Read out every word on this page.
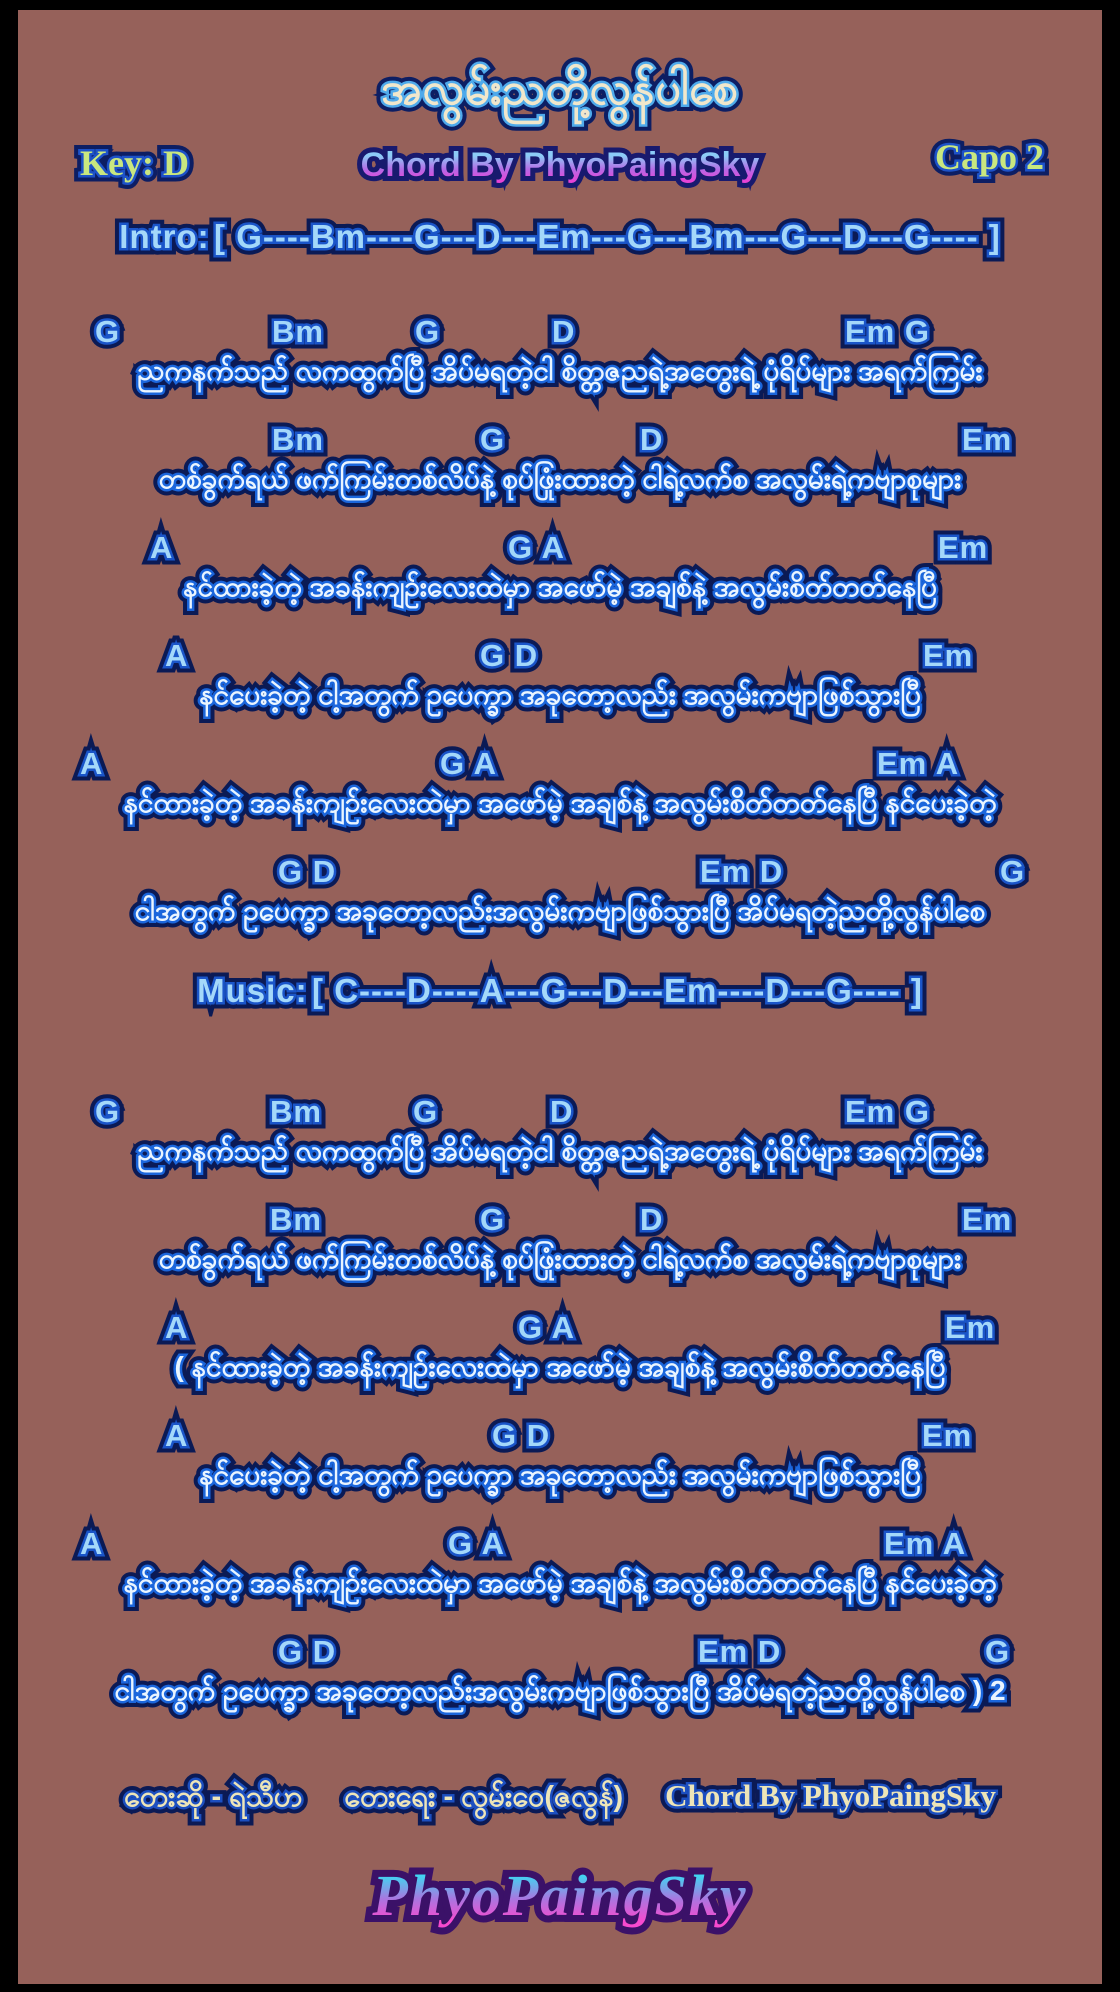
အလွမ်းညတို့လွန်ပါစေ အလွမ်းညတို့လွန်ပါစေ အလွမ်းညတို့လွန်ပါစေ
Key: D Key: D Key: D	Chord By PhyoPaingSky Chord By PhyoPaingSky	Capo 2 Capo 2 Capo 2
Intro: Intro: Intro: [ G----Bm----G---D---Em---G---Bm---G---D---G---- ] [ G----Bm----G---D---Em---G---Bm---G---D---G---- ] [ G----Bm----G---D---Em---G---Bm---G---D---G---- ]
G G G	Bm Bm Bm	G G G	D D D	Em G Em G Em G
ညကနက်သည် လကထွက်ပြီ အိပ်မရတဲ့ငါ စိတ္တဇညရဲ့အတွေးရဲ့ ပုံရိပ်များ အရက်ကြမ်း ညကနက်သည် လကထွက်ပြီ အိပ်မရတဲ့ငါ စိတ္တဇညရဲ့အတွေးရဲ့ ပုံရိပ်များ အရက်ကြမ်း ညကနက်သည် လကထွက်ပြီ အိပ်မရတဲ့ငါ စိတ္တဇညရဲ့အတွေးရဲ့ ပုံရိပ်များ အရက်ကြမ်း
Bm Bm Bm	G G G	D D D	Em Em Em
တစ်ခွက်ရယ် ဖက်ကြမ်းတစ်လိပ်နဲ့ စုပ်ဖြုံးထားတဲ့ ငါရဲ့လက်စ အလွမ်းရဲ့ကဗျာစုများ တစ်ခွက်ရယ် ဖက်ကြမ်းတစ်လိပ်နဲ့ စုပ်ဖြုံးထားတဲ့ ငါရဲ့လက်စ အလွမ်းရဲ့ကဗျာစုများ တစ်ခွက်ရယ် ဖက်ကြမ်းတစ်လိပ်နဲ့ စုပ်ဖြုံးထားတဲ့ ငါရဲ့လက်စ အလွမ်းရဲ့ကဗျာစုများ
A A A	G A G A G A	Em Em Em
နင်ထားခဲ့တဲ့ အခန်းကျဉ်းလေးထဲမှာ အဖော်မဲ့ အချစ်နဲ့ အလွမ်းစိတ်တတ်နေပြီ နင်ထားခဲ့တဲ့ အခန်းကျဉ်းလေးထဲမှာ အဖော်မဲ့ အချစ်နဲ့ အလွမ်းစိတ်တတ်နေပြီ နင်ထားခဲ့တဲ့ အခန်းကျဉ်းလေးထဲမှာ အဖော်မဲ့ အချစ်နဲ့ အလွမ်းစိတ်တတ်နေပြီ
A A A	G D G D G D	Em Em Em
နင်ပေးခဲ့တဲ့ ငါ့အတွက် ဥပေက္ခာ အခုတော့လည်း အလွမ်းကဗျာဖြစ်သွားပြီ နင်ပေးခဲ့တဲ့ ငါ့အတွက် ဥပေက္ခာ အခုတော့လည်း အလွမ်းကဗျာဖြစ်သွားပြီ နင်ပေးခဲ့တဲ့ ငါ့အတွက် ဥပေက္ခာ အခုတော့လည်း အလွမ်းကဗျာဖြစ်သွားပြီ
A A A	G A G A G A	Em A Em A Em A
နင်ထားခဲ့တဲ့ အခန်းကျဉ်းလေးထဲမှာ အဖော်မဲ့ အချစ်နဲ့ အလွမ်းစိတ်တတ်နေပြီ နင်ပေးခဲ့တဲ့ နင်ထားခဲ့တဲ့ အခန်းကျဉ်းလေးထဲမှာ အဖော်မဲ့ အချစ်နဲ့ အလွမ်းစိတ်တတ်နေပြီ နင်ပေးခဲ့တဲ့ နင်ထားခဲ့တဲ့ အခန်းကျဉ်းလေးထဲမှာ အဖော်မဲ့ အချစ်နဲ့ အလွမ်းစိတ်တတ်နေပြီ နင်ပေးခဲ့တဲ့
G D G D G D	Em D Em D Em D	G G G
ငါအတွက် ဥပေက္ခာ အခုတော့လည်းအလွမ်းကဗျာဖြစ်သွားပြီ အိပ်မရတဲ့ညတို့လွန်ပါစေ ငါအတွက် ဥပေက္ခာ အခုတော့လည်းအလွမ်းကဗျာဖြစ်သွားပြီ အိပ်မရတဲ့ညတို့လွန်ပါစေ ငါအတွက် ဥပေက္ခာ အခုတော့လည်းအလွမ်းကဗျာဖြစ်သွားပြီ အိပ်မရတဲ့ညတို့လွန်ပါစေ
Music: Music: Music: [ C----D----A---G---D---Em----D---G---- ] [ C----D----A---G---D---Em----D---G---- ] [ C----D----A---G---D---Em----D---G---- ]
G G G	Bm Bm Bm	G G G	D D D	Em G Em G Em G
ညကနက်သည် လကထွက်ပြီ အိပ်မရတဲ့ငါ စိတ္တဇညရဲ့အတွေးရဲ့ ပုံရိပ်များ အရက်ကြမ်း ညကနက်သည် လကထွက်ပြီ အိပ်မရတဲ့ငါ စိတ္တဇညရဲ့အတွေးရဲ့ ပုံရိပ်များ အရက်ကြမ်း ညကနက်သည် လကထွက်ပြီ အိပ်မရတဲ့ငါ စိတ္တဇညရဲ့အတွေးရဲ့ ပုံရိပ်များ အရက်ကြမ်း
Bm Bm Bm	G G G	D D D	Em Em Em
တစ်ခွက်ရယ် ဖက်ကြမ်းတစ်လိပ်နဲ့ စုပ်ဖြုံးထားတဲ့ ငါရဲ့လက်စ အလွမ်းရဲ့ကဗျာစုများ တစ်ခွက်ရယ် ဖက်ကြမ်းတစ်လိပ်နဲ့ စုပ်ဖြုံးထားတဲ့ ငါရဲ့လက်စ အလွမ်းရဲ့ကဗျာစုများ တစ်ခွက်ရယ် ဖက်ကြမ်းတစ်လိပ်နဲ့ စုပ်ဖြုံးထားတဲ့ ငါရဲ့လက်စ အလွမ်းရဲ့ကဗျာစုများ
A A A	G A G A G A	Em Em Em
( နင်ထားခဲ့တဲ့ အခန်းကျဉ်းလေးထဲမှာ အဖော်မဲ့ အချစ်နဲ့ အလွမ်းစိတ်တတ်နေပြီ ( နင်ထားခဲ့တဲ့ အခန်းကျဉ်းလေးထဲမှာ အဖော်မဲ့ အချစ်နဲ့ အလွမ်းစိတ်တတ်နေပြီ ( နင်ထားခဲ့တဲ့ အခန်းကျဉ်းလေးထဲမှာ အဖော်မဲ့ အချစ်နဲ့ အလွမ်းစိတ်တတ်နေပြီ
A A A	G D G D G D	Em Em Em
နင်ပေးခဲ့တဲ့ ငါ့အတွက် ဥပေက္ခာ အခုတော့လည်း အလွမ်းကဗျာဖြစ်သွားပြီ နင်ပေးခဲ့တဲ့ ငါ့အတွက် ဥပေက္ခာ အခုတော့လည်း အလွမ်းကဗျာဖြစ်သွားပြီ နင်ပေးခဲ့တဲ့ ငါ့အတွက် ဥပေက္ခာ အခုတော့လည်း အလွမ်းကဗျာဖြစ်သွားပြီ
A A A	G A G A G A	Em A Em A Em A
နင်ထားခဲ့တဲ့ အခန်းကျဉ်းလေးထဲမှာ အဖော်မဲ့ အချစ်နဲ့ အလွမ်းစိတ်တတ်နေပြီ နင်ပေးခဲ့တဲ့ နင်ထားခဲ့တဲ့ အခန်းကျဉ်းလေးထဲမှာ အဖော်မဲ့ အချစ်နဲ့ အလွမ်းစိတ်တတ်နေပြီ နင်ပေးခဲ့တဲ့ နင်ထားခဲ့တဲ့ အခန်းကျဉ်းလေးထဲမှာ အဖော်မဲ့ အချစ်နဲ့ အလွမ်းစိတ်တတ်နေပြီ နင်ပေးခဲ့တဲ့
G D G D G D	Em D Em D Em D	G G G
ငါအတွက် ဥပေက္ခာ အခုတော့လည်းအလွမ်းကဗျာဖြစ်သွားပြီ အိပ်မရတဲ့ညတို့လွန်ပါစေ ) 2 ငါအတွက် ဥပေက္ခာ အခုတော့လည်းအလွမ်းကဗျာဖြစ်သွားပြီ အိပ်မရတဲ့ညတို့လွန်ပါစေ ) 2 ငါအတွက် ဥပေက္ခာ အခုတော့လည်းအလွမ်းကဗျာဖြစ်သွားပြီ အိပ်မရတဲ့ညတို့လွန်ပါစေ ) 2
တေးဆို - ရဲသီဟ တေးဆို - ရဲသီဟ တေးဆို - ရဲသီဟ တေးရေး - လွမ်းဝေ(ဇလွန်) တေးရေး - လွမ်းဝေ(ဇလွန်) တေးရေး - လွမ်းဝေ(ဇလွန်) Chord By PhyoPaingSky Chord By PhyoPaingSky Chord By PhyoPaingSky
PhyoPaingSky PhyoPaingSky
